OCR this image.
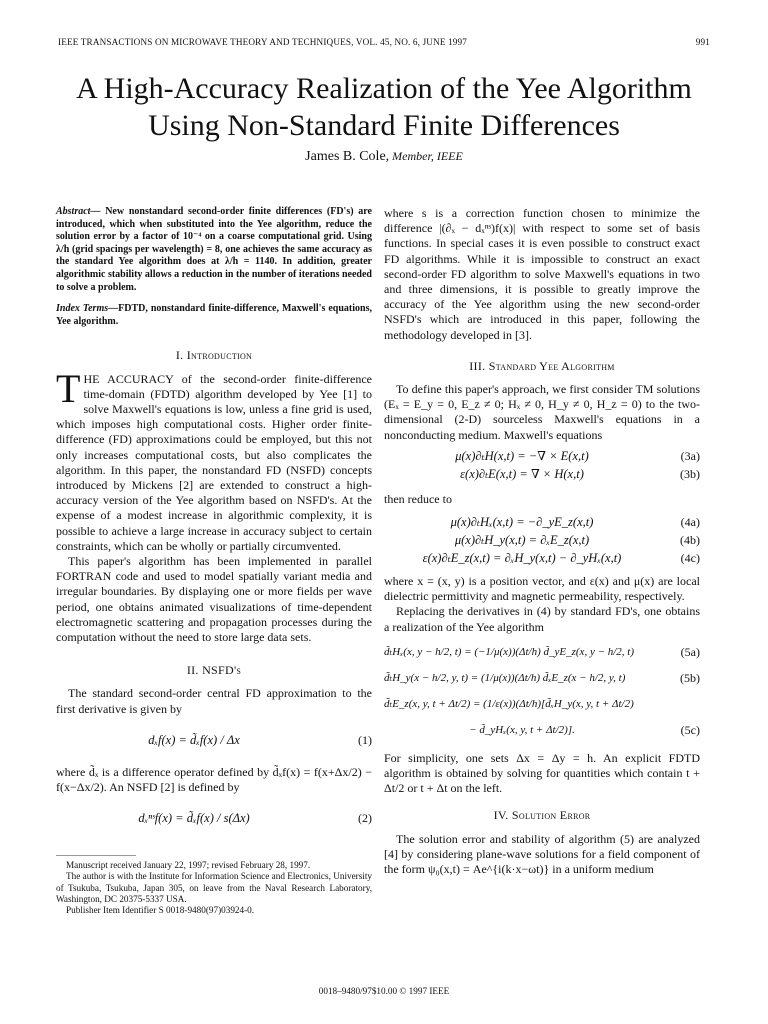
IEEE TRANSACTIONS ON MICROWAVE THEORY AND TECHNIQUES, VOL. 45, NO. 6, JUNE 1997	991
A High-Accuracy Realization of the Yee Algorithm
Using Non-Standard Finite Differences
James B. Cole, Member, IEEE
Abstract— New nonstandard second-order finite differences (FD's) are introduced, which when substituted into the Yee algorithm, reduce the solution error by a factor of 10⁻⁴ on a coarse computational grid. Using λ/h (grid spacings per wavelength) = 8, one achieves the same accuracy as the standard Yee algorithm does at λ/h = 1140. In addition, greater algorithmic stability allows a reduction in the number of iterations needed to solve a problem.
Index Terms—FDTD, nonstandard finite-difference, Maxwell's equations, Yee algorithm.
I. Introduction

THE ACCURACY of the second-order finite-difference time-domain (FDTD) algorithm developed by Yee [1] to solve Maxwell's equations is low, unless a fine grid is used, which imposes high computational costs. Higher order finite-difference (FD) approximations could be employed, but this not only increases computational costs, but also complicates the algorithm. In this paper, the nonstandard FD (NSFD) concepts introduced by Mickens [2] are extended to construct a high-accuracy version of the Yee algorithm based on NSFD's. At the expense of a modest increase in algorithmic complexity, it is possible to achieve a large increase in accuracy subject to certain constraints, which can be wholly or partially circumvented.

This paper's algorithm has been implemented in parallel FORTRAN code and used to model spatially variant media and irregular boundaries. By displaying one or more fields per wave period, one obtains animated visualizations of time-dependent electromagnetic scattering and propagation processes during the computation without the need to store large data sets.

II. NSFD's

The standard second-order central FD approximation to the first derivative is given by

dₓf(x) = d̃ₓf(x) / Δx	(1)

where d̃ₓ is a difference operator defined by d̃ₓf(x) = f(x+Δx/2) − f(x−Δx/2). An NSFD [2] is defined by

dₓⁿˢf(x) = d̃ₓf(x) / s(Δx)	(2)
Manuscript received January 22, 1997; revised February 28, 1997.
The author is with the Institute for Information Science and Electronics, University of Tsukuba, Tsukuba, Japan 305, on leave from the Naval Research Laboratory, Washington, DC 20375-5337 USA.
Publisher Item Identifier S 0018-9480(97)03924-0.

where s is a correction function chosen to minimize the difference |(∂ₓ − dₓⁿˢ)f(x)| with respect to some set of basis functions. In special cases it is even possible to construct exact FD algorithms. While it is impossible to construct an exact second-order FD algorithm to solve Maxwell's equations in two and three dimensions, it is possible to greatly improve the accuracy of the Yee algorithm using the new second-order NSFD's which are introduced in this paper, following the methodology developed in [3].

III. Standard Yee Algorithm

To define this paper's approach, we first consider TM solutions (Eₓ = E_y = 0, E_z ≠ 0; Hₓ ≠ 0, H_y ≠ 0, H_z = 0) to the two-dimensional (2-D) sourceless Maxwell's equations in a nonconducting medium. Maxwell's equations

μ(x)∂ₜH(x,t) = −∇ × E(x,t)	(3a)
ε(x)∂ₜE(x,t) = ∇ × H(x,t)	(3b)

then reduce to

μ(x)∂ₜHₓ(x,t) = −∂_yE_z(x,t)	(4a)
μ(x)∂ₜH_y(x,t) = ∂ₓE_z(x,t)	(4b)
ε(x)∂ₜE_z(x,t) = ∂ₓH_y(x,t) − ∂_yHₓ(x,t)	(4c)

where x = (x, y) is a position vector, and ε(x) and μ(x) are local dielectric permittivity and magnetic permeability, respectively.

Replacing the derivatives in (4) by standard FD's, one obtains a realization of the Yee algorithm

d̃ₜHₓ(x, y − h/2, t) = (−1/μ(x))(Δt/h) d̃_yE_z(x, y − h/2, t)	(5a)
d̃ₜH_y(x − h/2, y, t) = (1/μ(x))(Δt/h) d̃ₓE_z(x − h/2, y, t)	(5b)
d̃ₜE_z(x, y, t + Δt/2) = (1/ε(x))(Δt/h)[d̃ₓH_y(x, y, t + Δt/2)
− d̃_yHₓ(x, y, t + Δt/2)].	(5c)

For simplicity, one sets Δx = Δy = h. An explicit FDTD algorithm is obtained by solving for quantities which contain t + Δt/2 or t + Δt on the left.

IV. Solution Error

The solution error and stability of algorithm (5) are analyzed [4] by considering plane-wave solutions for a field component of the form ψ₀(x,t) = Ae^{i(k·x−ωt)} in a uniform medium

0018–9480/97$10.00 © 1997 IEEE
